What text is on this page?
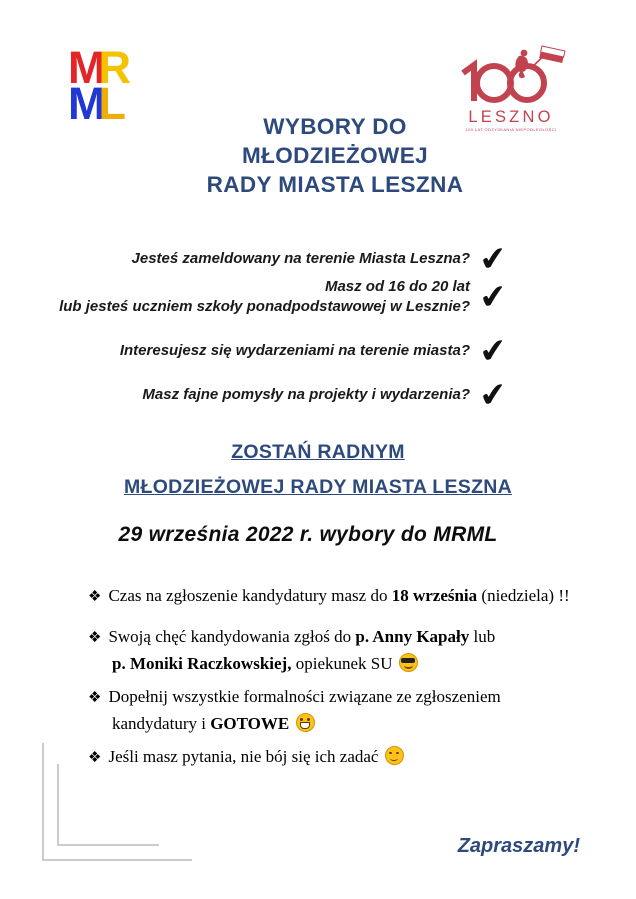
MR
ML	LESZNO
100 LAT ODZYSKANIA NIEPODLEGŁOŚCI
WYBORY DO
MŁODZIEŻOWEJ
RADY MIASTA LESZNA
Jesteś zameldowany na terenie Miasta Leszna? ✔
Masz od 16 do 20 lat
lub jesteś uczniem szkoły ponadpodstawowej w Lesznie? ✔
Interesujesz się wydarzeniami na terenie miasta? ✔
Masz fajne pomysły na projekty i wydarzenia? ✔
ZOSTAŃ RADNYM
MŁODZIEŻOWEJ RADY MIASTA LESZNA
29 września 2022 r. wybory do MRML
❖ Czas na zgłoszenie kandydatury masz do 18 września (niedziela) !!
❖ Swoją chęć kandydowania zgłoś do p. Anny Kapały lub
p. Moniki Raczkowskiej, opiekunek SU
❖ Dopełnij wszystkie formalności związane ze zgłoszeniem
kandydatury i GOTOWE
❖ Jeśli masz pytania, nie bój się ich zadać
Zapraszamy!
